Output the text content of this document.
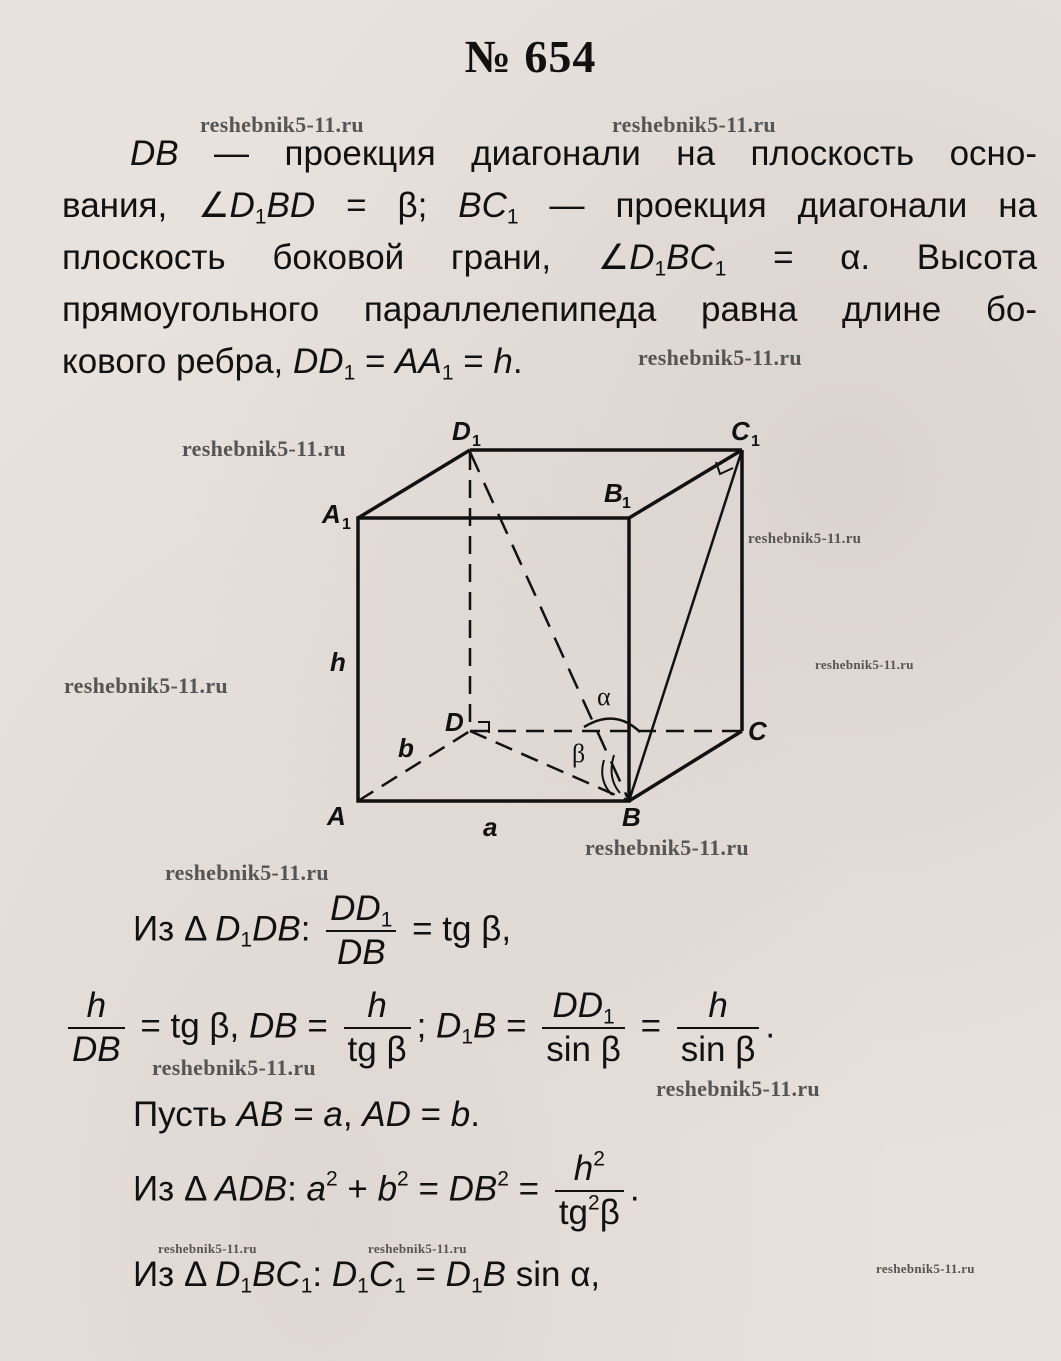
№ 654
DB — проекция диагонали на плоскость осно-
вания, $\angle D_1BD = \beta$; $BC_1$ — проекция диагонали на
плоскость боковой грани, $\angle D_1BC_1 = \alpha$. Высота
прямоугольного параллелепипеда равна длине бо-
кового ребра, $DD_1 = AA_1 = h$.
D 1	C 1
B 1
A 1
h
D	C
b
A	B
a
α
β
Из Δ $D_1DB$: $\frac{DD_1}{DB}$ = tg β,
$\frac{h}{DB}$ = tg β, DB = $\frac{h}{\text{tg β}}$ ; $D_1B = \frac{DD_1}{\text{sin β}} = \frac{h}{\text{sin β}}$ .
Пусть AB = a, AD = b.
Из Δ ADB: $a^2 + b^2 = DB^2 = \frac{h^2}{tg^2\beta}$ .
Из Δ $D_1BC_1$: $D_1C_1 = D_1B$ sin α,
reshebnik5-11.ru	reshebnik5-11.ru
reshebnik5-11.ru
reshebnik5-11.ru
reshebnik5-11.ru
reshebnik5-11.ru
reshebnik5-11.ru
reshebnik5-11.ru
reshebnik5-11.ru
reshebnik5-11.ru
reshebnik5-11.ru
reshebnik5-11.ru	reshebnik5-11.ru
reshebnik5-11.ru
